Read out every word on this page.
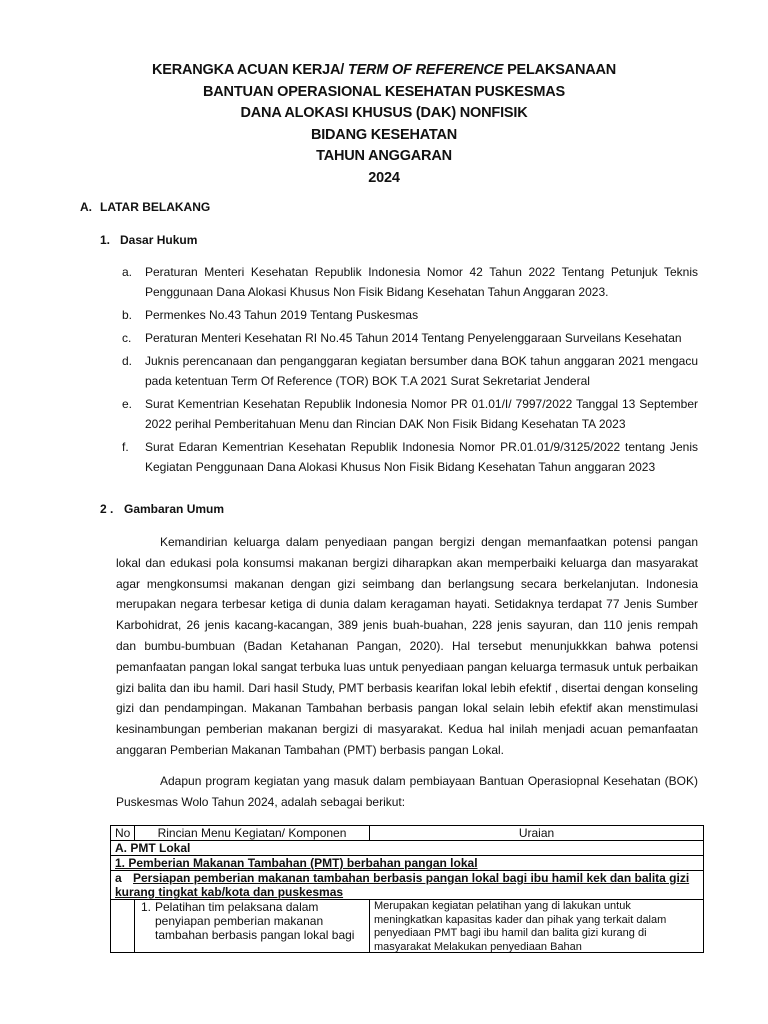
KERANGKA ACUAN KERJA/ TERM OF REFERENCE PELAKSANAAN
BANTUAN OPERASIONAL KESEHATAN PUSKESMAS
DANA ALOKASI KHUSUS (DAK) NONFISIK
BIDANG KESEHATAN
TAHUN ANGGARAN
2024
A. LATAR BELAKANG
1. Dasar Hukum
a. Peraturan Menteri Kesehatan Republik Indonesia Nomor 42 Tahun 2022 Tentang Petunjuk Teknis Penggunaan Dana Alokasi Khusus Non Fisik Bidang Kesehatan Tahun Anggaran 2023.
b. Permenkes No.43 Tahun 2019 Tentang Puskesmas
c. Peraturan Menteri Kesehatan RI No.45 Tahun 2014 Tentang Penyelenggaraan Surveilans Kesehatan
d. Juknis perencanaan dan penganggaran kegiatan bersumber dana BOK tahun anggaran 2021 mengacu pada ketentuan Term Of Reference (TOR) BOK T.A 2021 Surat Sekretariat Jenderal
e. Surat Kementrian Kesehatan Republik Indonesia Nomor PR 01.01/I/ 7997/2022 Tanggal 13 September 2022 perihal Pemberitahuan Menu dan Rincian DAK Non Fisik Bidang Kesehatan TA 2023
f. Surat Edaran Kementrian Kesehatan Republik Indonesia Nomor PR.01.01/9/3125/2022 tentang Jenis Kegiatan Penggunaan Dana Alokasi Khusus Non Fisik Bidang Kesehatan Tahun anggaran 2023
2 . Gambaran Umum

Kemandirian keluarga dalam penyediaan pangan bergizi dengan memanfaatkan potensi pangan lokal dan edukasi pola konsumsi makanan bergizi diharapkan akan memperbaiki keluarga dan masyarakat agar mengkonsumsi makanan dengan gizi seimbang dan berlangsung secara berkelanjutan. Indonesia merupakan negara terbesar ketiga di dunia dalam keragaman hayati. Setidaknya terdapat 77 Jenis Sumber Karbohidrat, 26 jenis kacang-kacangan, 389 jenis buah-buahan, 228 jenis sayuran, dan 110 jenis rempah dan bumbu-bumbuan (Badan Ketahanan Pangan, 2020). Hal tersebut menunjukkkan bahwa potensi pemanfaatan pangan lokal sangat terbuka luas untuk penyediaan pangan keluarga termasuk untuk perbaikan gizi balita dan ibu hamil. Dari hasil Study, PMT berbasis kearifan lokal lebih efektif , disertai dengan konseling gizi dan pendampingan. Makanan Tambahan berbasis pangan lokal selain lebih efektif akan menstimulasi kesinambungan pemberian makanan bergizi di masyarakat. Kedua hal inilah menjadi acuan pemanfaatan anggaran Pemberian Makanan Tambahan (PMT) berbasis pangan Lokal.

Adapun program kegiatan yang masuk dalam pembiayaan Bantuan Operasiopnal Kesehatan (BOK) Puskesmas Wolo Tahun 2024, adalah sebagai berikut:

No	Rincian Menu Kegiatan/ Komponen	Uraian
A. PMT Lokal		
1. Pemberian Makanan Tambahan (PMT) berbahan pangan lokal		
a Persiapan pemberian makanan tambahan berbasis pangan lokal bagi ibu hamil kek dan balita gizi kurang tingkat kab/kota dan puskesmas		

	1. Pelatihan tim pelaksana dalam penyiapan pemberian makanan tambahan berbasis pangan lokal bagi	Merupakan kegiatan pelatihan yang di lakukan untuk meningkatkan kapasitas kader dan pihak yang terkait dalam penyediaan PMT bagi ibu hamil dan balita gizi kurang di masyarakat Melakukan penyediaan Bahan
